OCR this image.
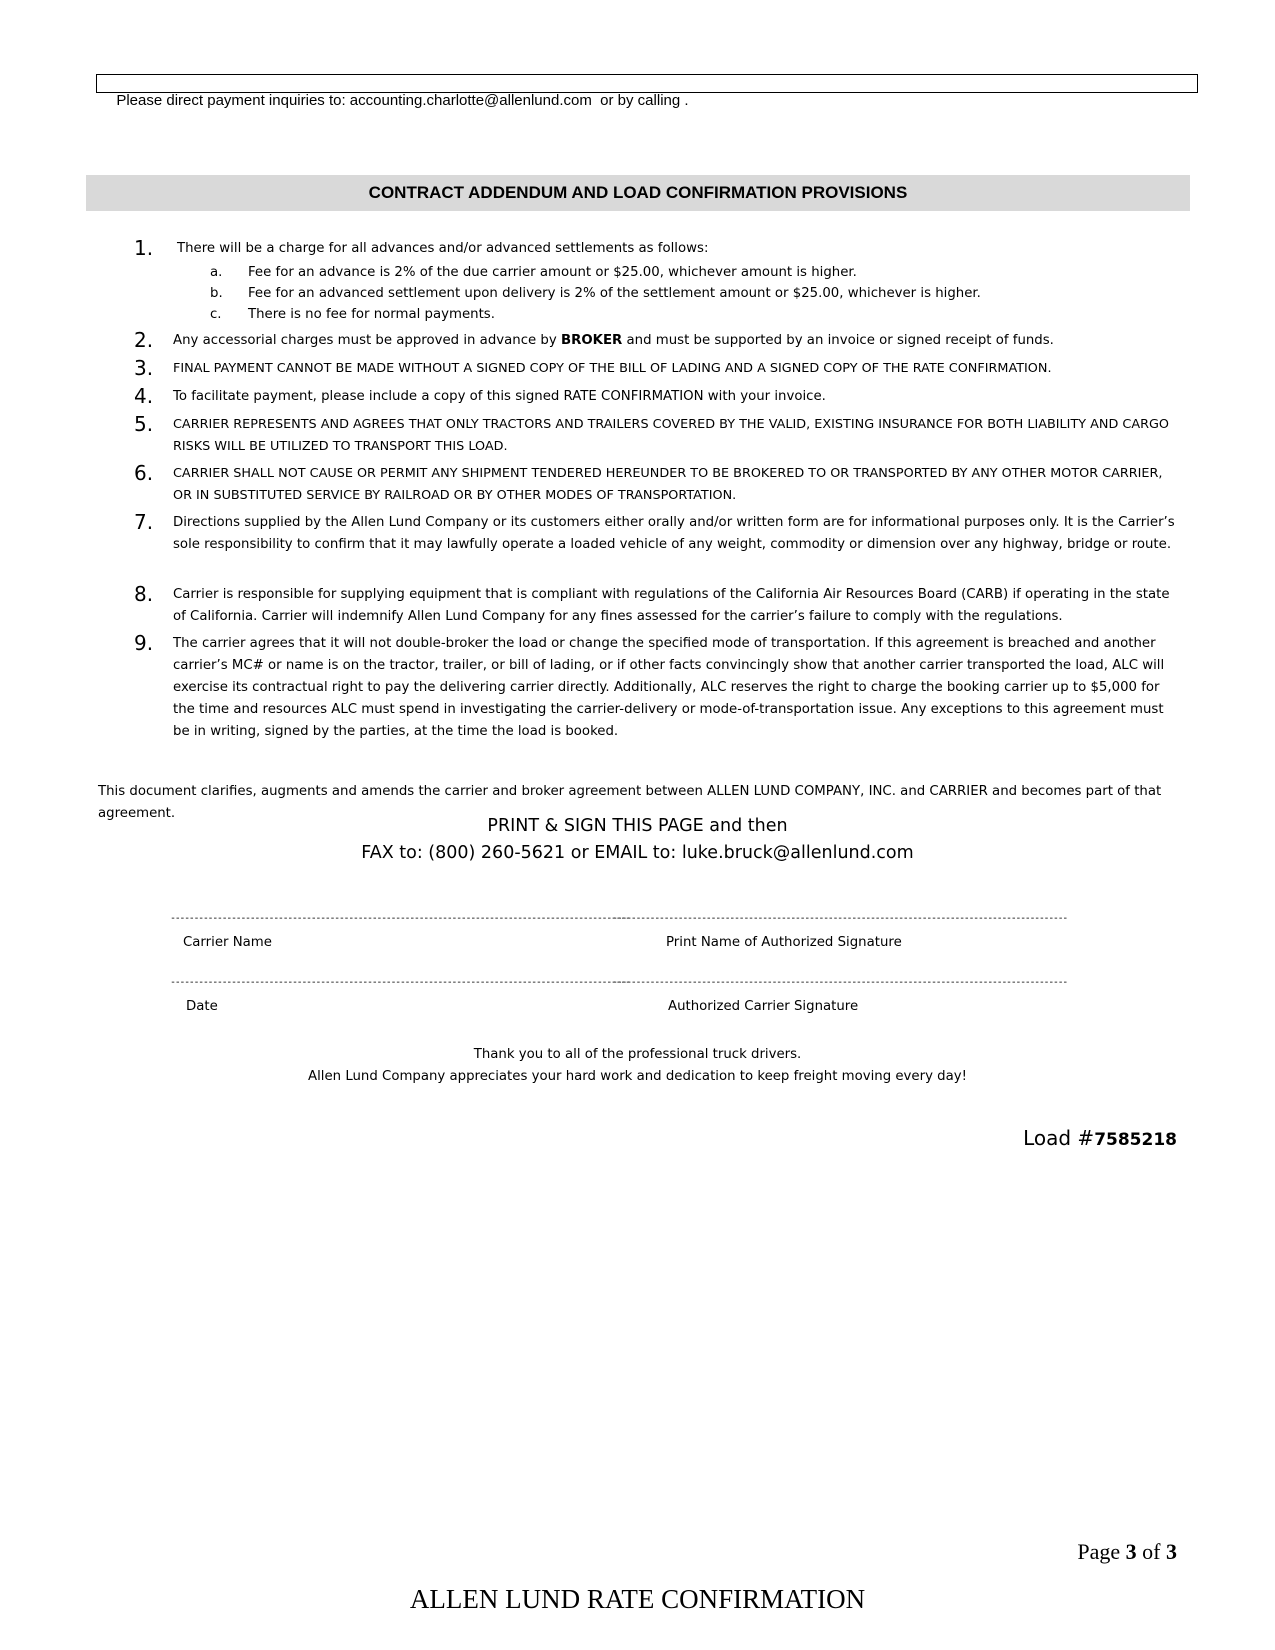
Please direct payment inquiries to: accounting.charlotte@allenlund.com  or by calling .

CONTRACT ADDENDUM AND LOAD CONFIRMATION PROVISIONS
1.	There will be a charge for all advances and/or advanced settlements as follows:
a. Fee for an advance is 2% of the due carrier amount or $25.00, whichever amount is higher.
b. Fee for an advanced settlement upon delivery is 2% of the settlement amount or $25.00, whichever is higher.
c. There is no fee for normal payments.
2.	Any accessorial charges must be approved in advance by BROKER and must be supported by an invoice or signed receipt of funds.
3.	FINAL PAYMENT CANNOT BE MADE WITHOUT A SIGNED COPY OF THE BILL OF LADING AND A SIGNED COPY OF THE RATE CONFIRMATION.
4.	To facilitate payment, please include a copy of this signed RATE CONFIRMATION with your invoice.
5.	CARRIER REPRESENTS AND AGREES THAT ONLY TRACTORS AND TRAILERS COVERED BY THE VALID, EXISTING INSURANCE FOR BOTH LIABILITY AND CARGO RISKS WILL BE UTILIZED TO TRANSPORT THIS LOAD.
6.	CARRIER SHALL NOT CAUSE OR PERMIT ANY SHIPMENT TENDERED HEREUNDER TO BE BROKERED TO OR TRANSPORTED BY ANY OTHER MOTOR CARRIER, OR IN SUBSTITUTED SERVICE BY RAILROAD OR BY OTHER MODES OF TRANSPORTATION.
7.	Directions supplied by the Allen Lund Company or its customers either orally and/or written form are for informational purposes only. It is the Carrier’s sole responsibility to confirm that it may lawfully operate a loaded vehicle of any weight, commodity or dimension over any highway, bridge or route.
8.	Carrier is responsible for supplying equipment that is compliant with regulations of the California Air Resources Board (CARB) if operating in the state of California. Carrier will indemnify Allen Lund Company for any fines assessed for the carrier’s failure to comply with the regulations.
9.	The carrier agrees that it will not double-broker the load or change the specified mode of transportation. If this agreement is breached and another carrier’s MC# or name is on the tractor, trailer, or bill of lading, or if other facts convincingly show that another carrier transported the load, ALC will exercise its contractual right to pay the delivering carrier directly. Additionally, ALC reserves the right to charge the booking carrier up to $5,000 for the time and resources ALC must spend in investigating the carrier-delivery or mode-of-transportation issue. Any exceptions to this agreement must be in writing, signed by the parties, at the time the load is booked.
This document clarifies, augments and amends the carrier and broker agreement between ALLEN LUND COMPANY, INC. and CARRIER and becomes part of that agreement.
PRINT & SIGN THIS PAGE and then
FAX to: (800) 260-5621 or EMAIL to: luke.bruck@allenlund.com
--------------------------------------------------------------------------------------------------
-------------------------------------------------------------------------------------------------
Carrier Name	Print Name of Authorized Signature
--------------------------------------------------------------------------------------------------
-------------------------------------------------------------------------------------------------
Date	Authorized Carrier Signature
Thank you to all of the professional truck drivers.
Allen Lund Company appreciates your hard work and dedication to keep freight moving every day!
Load #7585218
Page 3 of 3
ALLEN LUND RATE CONFIRMATION
